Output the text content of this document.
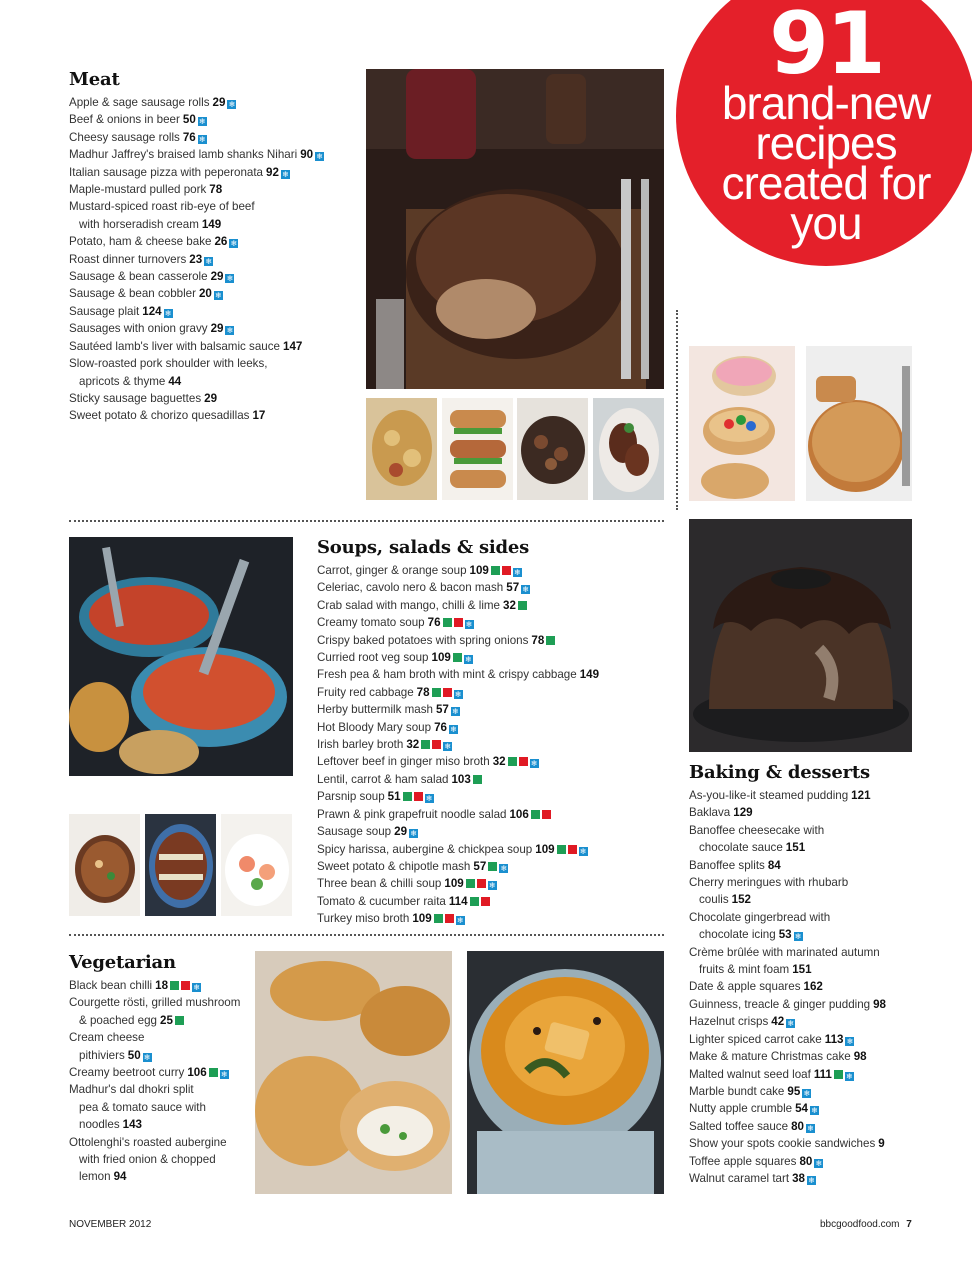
91
brand-new
recipes
created for
you
Meat
Apple & sage sausage rolls 29 ❄
Beef & onions in beer 50 ❄
Cheesy sausage rolls 76 ❄
Madhur Jaffrey's braised lamb shanks Nihari 90 ❄
Italian sausage pizza with peperonata 92 ❄
Maple-mustard pulled pork 78
Mustard-spiced roast rib-eye of beef
with horseradish cream 149
Potato, ham & cheese bake 26 ❄
Roast dinner turnovers 23 ❄
Sausage & bean casserole 29 ❄
Sausage & bean cobbler 20 ❄
Sausage plait 124 ❄
Sausages with onion gravy 29 ❄
Sautéed lamb's liver with balsamic sauce 147
Slow-roasted pork shoulder with leeks,
apricots & thyme 44
Sticky sausage baguettes 29
Sweet potato & chorizo quesadillas 17
Soups, salads & sides
Carrot, ginger & orange soup 109	❄
Celeriac, cavolo nero & bacon mash 57 ❄
Crab salad with mango, chilli & lime 32
Creamy tomato soup 76	❄
Crispy baked potatoes with spring onions 78
Curried root veg soup 109 ❄
Fresh pea & ham broth with mint & crispy cabbage 149
Fruity red cabbage 78	❄
Herby buttermilk mash 57 ❄
Hot Bloody Mary soup 76 ❄
Irish barley broth 32	❄
Leftover beef in ginger miso broth 32	❄
Lentil, carrot & ham salad 103
Parsnip soup 51	❄
Prawn & pink grapefruit noodle salad 106
Sausage soup 29 ❄
Spicy harissa, aubergine & chickpea soup 109	❄
Sweet potato & chipotle mash 57 ❄
Three bean & chilli soup 109	❄
Tomato & cucumber raita 114
Turkey miso broth 109	❄
Baking & desserts
As-you-like-it steamed pudding 121
Baklava 129
Banoffee cheesecake with
chocolate sauce 151
Banoffee splits 84
Cherry meringues with rhubarb
coulis 152
Chocolate gingerbread with
chocolate icing 53 ❄
Crème brûlée with marinated autumn
fruits & mint foam 151
Date & apple squares 162
Guinness, treacle & ginger pudding 98
Hazelnut crisps 42 ❄
Lighter spiced carrot cake 113 ❄
Make & mature Christmas cake 98
Malted walnut seed loaf 111 ❄
Marble bundt cake 95 ❄
Nutty apple crumble 54 ❄
Salted toffee sauce 80 ❄
Show your spots cookie sandwiches 9
Toffee apple squares 80 ❄
Walnut caramel tart 38 ❄
Vegetarian
Black bean chilli 18	❄
Courgette rösti, grilled mushroom
& poached egg 25
Cream cheese
pithiviers 50 ❄
Creamy beetroot curry 106 ❄
Madhur's dal dhokri split
pea & tomato sauce with
noodles 143
Ottolenghi's roasted aubergine
with fried onion & chopped
lemon 94
NOVEMBER 2012	bbcgoodfood.com 7
